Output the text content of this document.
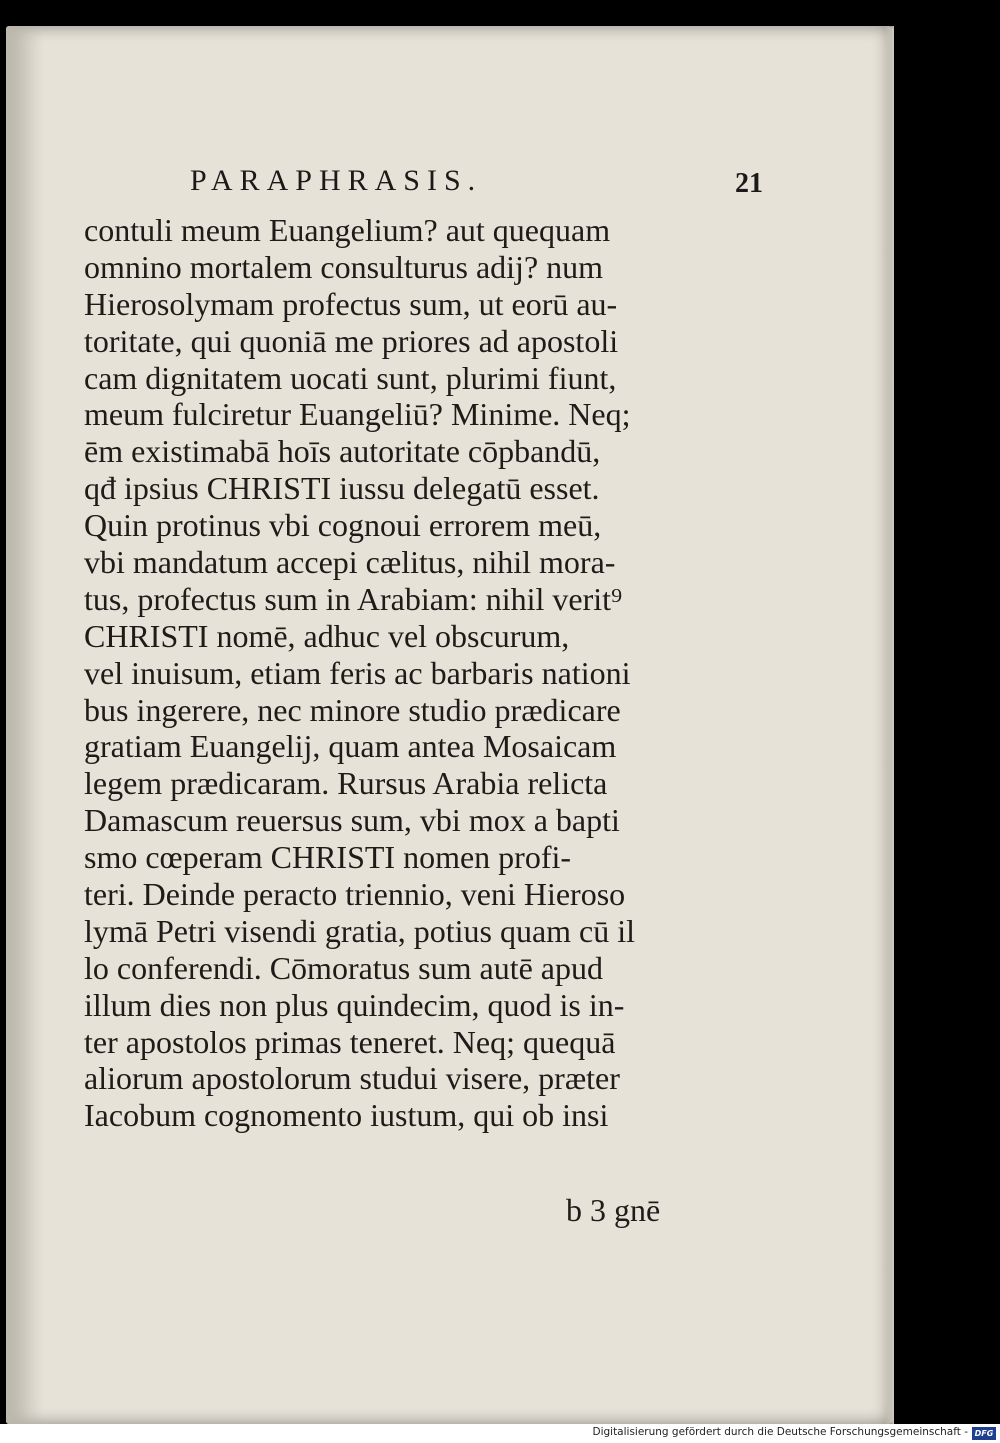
PARAPHRASIS.	21
contuli meum Euangelium? aut quequam
omnino mortalem consulturus adij? num
Hierosolymam profectus sum, ut eorū au-
toritate, qui quoniā me priores ad apostoli
cam dignitatem uocati sunt, plurimi fiunt,
meum fulciretur Euangeliū? Minime. Neq;
ēm existimabā hoīs autoritate cōpbandū,
qđ ipsius CHRISTI iussu delegatū esset.
Quin protinus vbi cognoui errorem meū,
vbi mandatum accepi cælitus, nihil mora-
tus, profectus sum in Arabiam: nihil verit⁹
CHRISTI nomē, adhuc vel obscurum,
vel inuisum, etiam feris ac barbaris nationi
bus ingerere, nec minore studio prædicare
gratiam Euangelij, quam antea Mosaicam
legem prædicaram. Rursus Arabia relicta
Damascum reuersus sum, vbi mox a bapti
smo cœperam CHRISTI nomen profi-
teri. Deinde peracto triennio, veni Hieroso
lymā Petri visendi gratia, potius quam cū il
lo conferendi. Cōmoratus sum autē apud
illum dies non plus quindecim, quod is in-
ter apostolos primas teneret. Neq; quequā
aliorum apostolorum studui visere, præter
Iacobum cognomento iustum, qui ob insi
b 3 gnē
Digitalisierung gefördert durch die Deutsche Forschungsgemeinschaft - DFG
